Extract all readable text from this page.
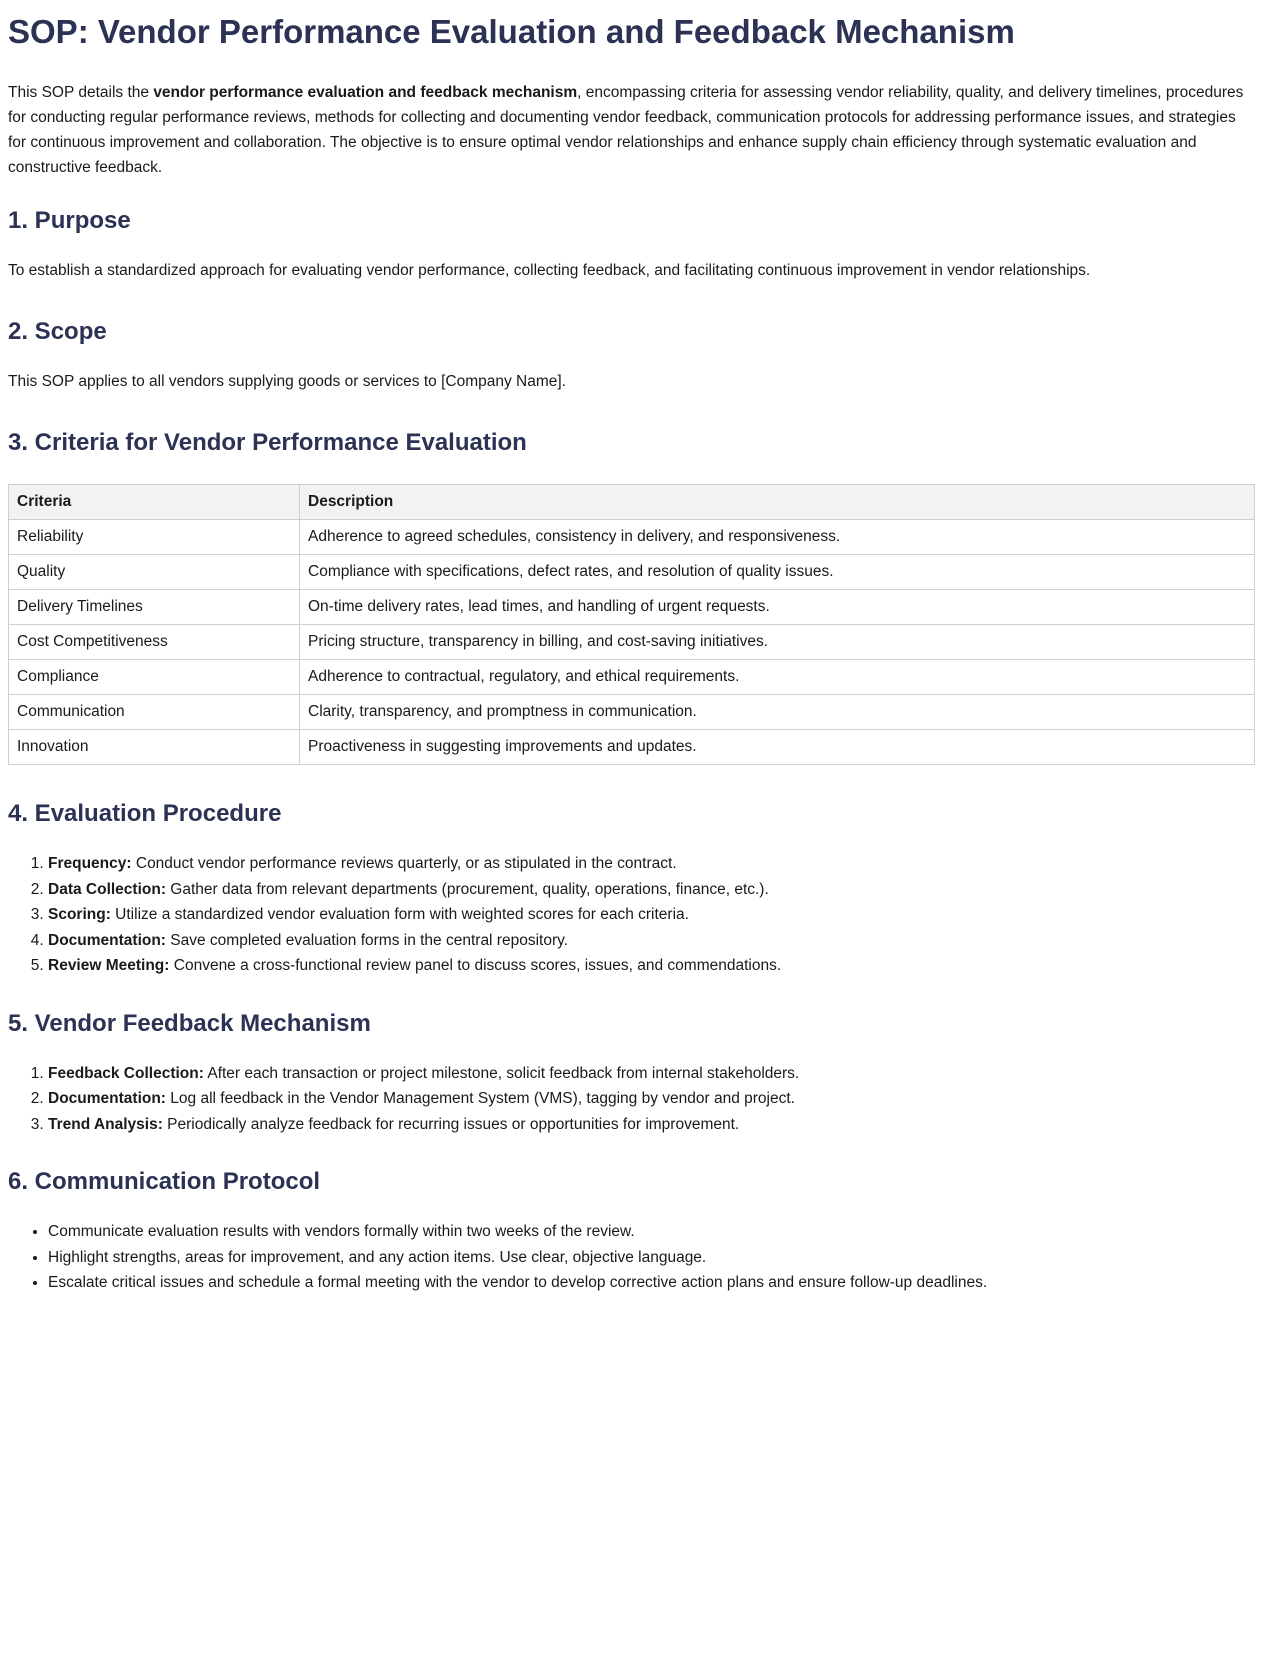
SOP: Vendor Performance Evaluation and Feedback Mechanism

This SOP details the vendor performance evaluation and feedback mechanism, encompassing criteria for assessing vendor reliability, quality, and delivery timelines, procedures for conducting regular performance reviews, methods for collecting and documenting vendor feedback, communication protocols for addressing performance issues, and strategies for continuous improvement and collaboration. The objective is to ensure optimal vendor relationships and enhance supply chain efficiency through systematic evaluation and constructive feedback.

1. Purpose

To establish a standardized approach for evaluating vendor performance, collecting feedback, and facilitating continuous improvement in vendor relationships.

2. Scope

This SOP applies to all vendors supplying goods or services to [Company Name].

3. Criteria for Vendor Performance Evaluation
Criteria	Description
Reliability	Adherence to agreed schedules, consistency in delivery, and responsiveness.
Quality	Compliance with specifications, defect rates, and resolution of quality issues.
Delivery Timelines	On-time delivery rates, lead times, and handling of urgent requests.
Cost Competitiveness	Pricing structure, transparency in billing, and cost-saving initiatives.
Compliance	Adherence to contractual, regulatory, and ethical requirements.
Communication	Clarity, transparency, and promptness in communication.
Innovation	Proactiveness in suggesting improvements and updates.
4. Evaluation Procedure
1. Frequency: Conduct vendor performance reviews quarterly, or as stipulated in the contract.
2. Data Collection: Gather data from relevant departments (procurement, quality, operations, finance, etc.).
3. Scoring: Utilize a standardized vendor evaluation form with weighted scores for each criteria.
4. Documentation: Save completed evaluation forms in the central repository.
5. Review Meeting: Convene a cross-functional review panel to discuss scores, issues, and commendations.
5. Vendor Feedback Mechanism
1. Feedback Collection: After each transaction or project milestone, solicit feedback from internal stakeholders.
2. Documentation: Log all feedback in the Vendor Management System (VMS), tagging by vendor and project.
3. Trend Analysis: Periodically analyze feedback for recurring issues or opportunities for improvement.
6. Communication Protocol
• Communicate evaluation results with vendors formally within two weeks of the review.
• Highlight strengths, areas for improvement, and any action items. Use clear, objective language.
• Escalate critical issues and schedule a formal meeting with the vendor to develop corrective action plans and ensure follow-up deadlines.
